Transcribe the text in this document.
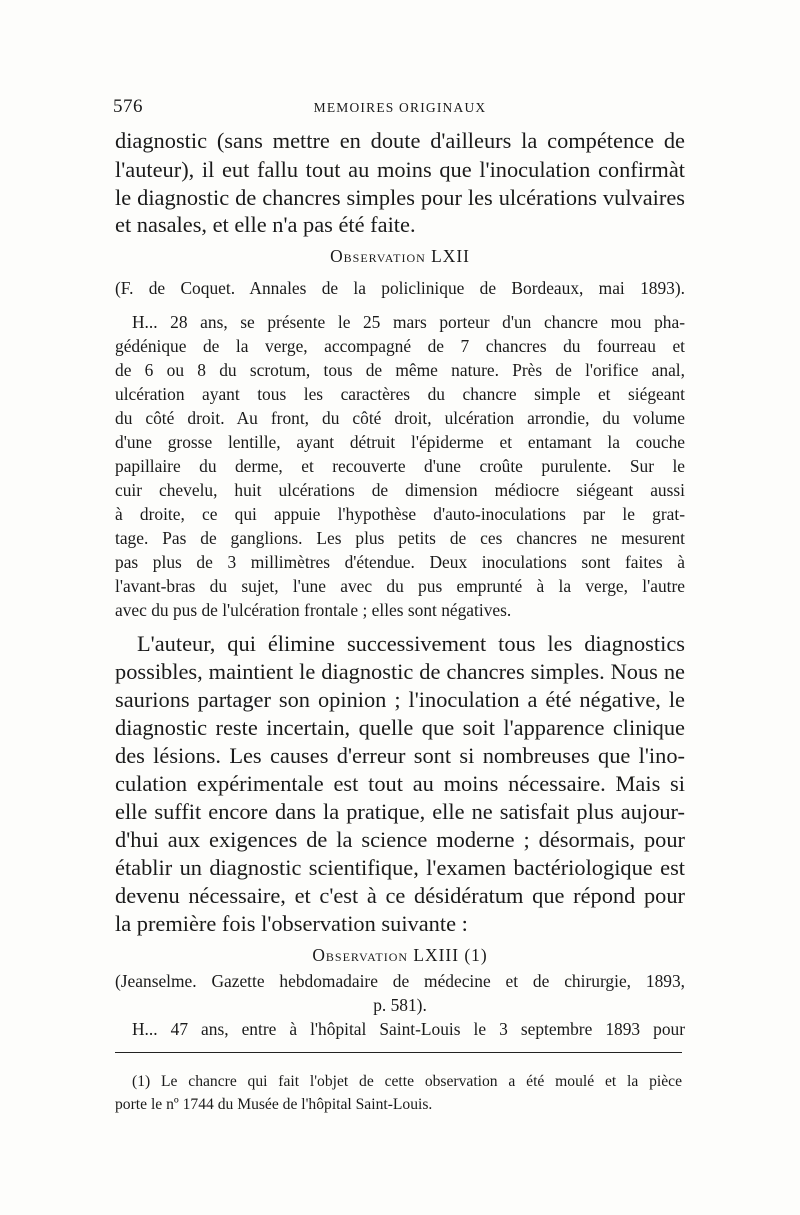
576	MEMOIRES ORIGINAUX
diagnostic (sans mettre en doute d'ailleurs la compétence de
l'auteur), il eut fallu tout au moins que l'inoculation confirmàt
le diagnostic de chancres simples pour les ulcérations vulvaires
et nasales, et elle n'a pas été faite.
Observation LXII
(F. de Coquet. Annales de la policlinique de Bordeaux, mai 1893).
H... 28 ans, se présente le 25 mars porteur d'un chancre mou pha-
gédénique de la verge, accompagné de 7 chancres du fourreau et
de 6 ou 8 du scrotum, tous de même nature. Près de l'orifice anal,
ulcération ayant tous les caractères du chancre simple et siégeant
du côté droit. Au front, du côté droit, ulcération arrondie, du volume
d'une grosse lentille, ayant détruit l'épiderme et entamant la couche
papillaire du derme, et recouverte d'une croûte purulente. Sur le
cuir chevelu, huit ulcérations de dimension médiocre siégeant aussi
à droite, ce qui appuie l'hypothèse d'auto-inoculations par le grat-
tage. Pas de ganglions. Les plus petits de ces chancres ne mesurent
pas plus de 3 millimètres d'étendue. Deux inoculations sont faites à
l'avant-bras du sujet, l'une avec du pus emprunté à la verge, l'autre
avec du pus de l'ulcération frontale ; elles sont négatives.
L'auteur, qui élimine successivement tous les diagnostics
possibles, maintient le diagnostic de chancres simples. Nous ne
saurions partager son opinion ; l'inoculation a été négative, le
diagnostic reste incertain, quelle que soit l'apparence clinique
des lésions. Les causes d'erreur sont si nombreuses que l'ino-
culation expérimentale est tout au moins nécessaire. Mais si
elle suffit encore dans la pratique, elle ne satisfait plus aujour-
d'hui aux exigences de la science moderne ; désormais, pour
établir un diagnostic scientifique, l'examen bactériologique est
devenu nécessaire, et c'est à ce désidératum que répond pour
la première fois l'observation suivante :
Observation LXIII (1)
(Jeanselme. Gazette hebdomadaire de médecine et de chirurgie, 1893,
p. 581).
H... 47 ans, entre à l'hôpital Saint-Louis le 3 septembre 1893 pour
(1) Le chancre qui fait l'objet de cette observation a été moulé et la pièce
porte le nº 1744 du Musée de l'hôpital Saint-Louis.
